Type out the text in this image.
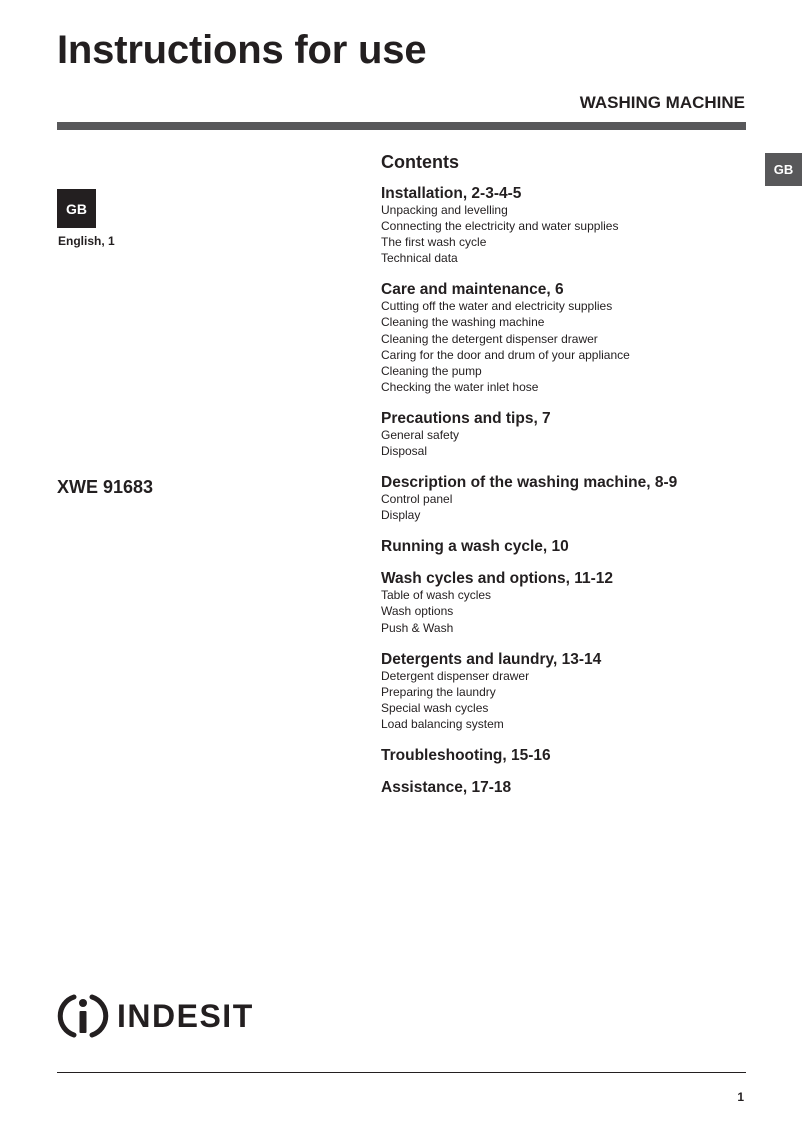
Instructions for use
WASHING MACHINE
GB
English, 1
GB
XWE 91683
Contents
Installation, 2-3-4-5
Unpacking and levelling
Connecting the electricity and water supplies
The first wash cycle
Technical data
Care and maintenance, 6
Cutting off the water and electricity supplies
Cleaning the washing machine
Cleaning the detergent dispenser drawer
Caring for the door and drum of your appliance
Cleaning the pump
Checking the water inlet hose
Precautions and tips, 7
General safety
Disposal
Description of the washing machine, 8-9
Control panel
Display
Running a wash cycle, 10
Wash cycles and options, 11-12
Table of wash cycles
Wash options
Push & Wash
Detergents and laundry, 13-14
Detergent dispenser drawer
Preparing the laundry
Special wash cycles
Load balancing system
Troubleshooting, 15-16
Assistance, 17-18
INDESIT
1
